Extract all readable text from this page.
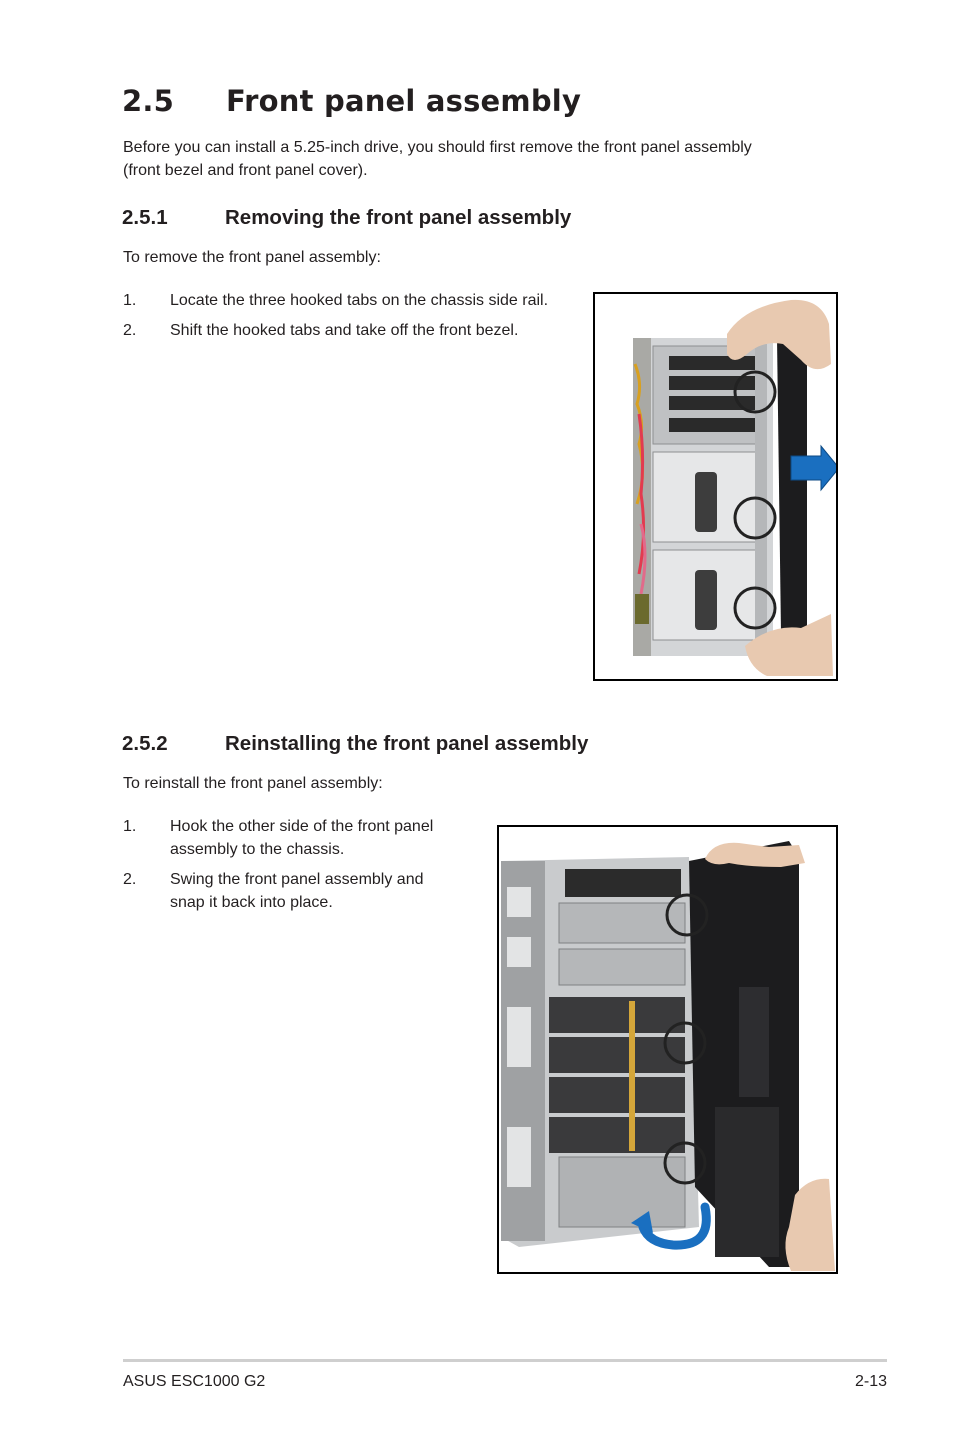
2.5 Front panel assembly
Before you can install a 5.25-inch drive, you should first remove the front panel assembly
(front bezel and front panel cover).
2.5.1	Removing the front panel assembly
To remove the front panel assembly:
1. Locate the three hooked tabs on the chassis side rail.
2. Shift the hooked tabs and take off the front bezel.
2.5.2	Reinstalling the front panel assembly
To reinstall the front panel assembly:
1. Hook the other side of the front panel
assembly to the chassis.
2. Swing the front panel assembly and
snap it back into place.
ASUS ESC1000 G2	2-13
